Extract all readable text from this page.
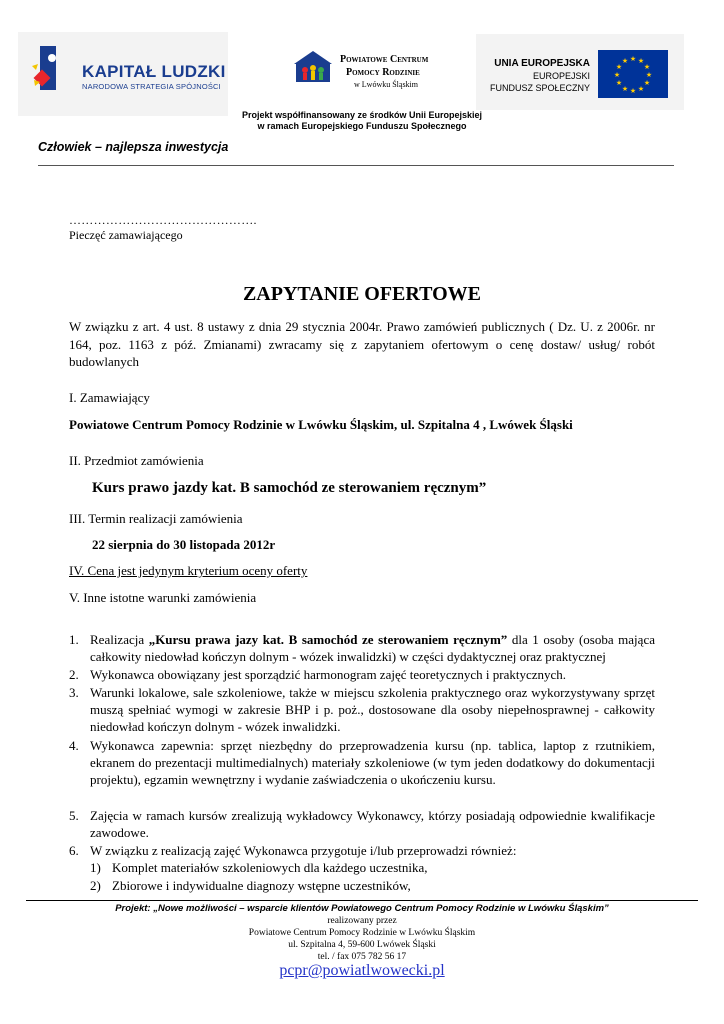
KAPITAŁ LUDZKI
NARODOWA STRATEGIA SPÓJNOŚCI
Powiatowe Centrum
Pomocy Rodzinie
w Lwówku Śląskim
UNIA EUROPEJSKA
EUROPEJSKI
FUNDUSZ SPOŁECZNY
★ ★
★
★
★
★
★
★
★
★
★
★
Projekt współfinansowany ze środków Unii Europejskiej
w ramach Europejskiego Funduszu Społecznego
Człowiek – najlepsza inwestycja
……………………………………….
Pieczęć zamawiającego
ZAPYTANIE OFERTOWE
W związku z art. 4 ust. 8 ustawy z dnia 29 stycznia 2004r. Prawo zamówień publicznych ( Dz. U. z 2006r. nr 164, poz. 1163 z póź. Zmianami) zwracamy się z zapytaniem ofertowym o cenę dostaw/ usług/ robót budowlanych
I. Zamawiający
Powiatowe Centrum Pomocy Rodzinie w Lwówku Śląskim, ul. Szpitalna 4 , Lwówek Śląski
II. Przedmiot zamówienia
Kurs prawo jazdy kat. B samochód ze sterowaniem ręcznym”
III. Termin realizacji zamówienia
22 sierpnia do 30 listopada 2012r
IV. Cena jest jedynym kryterium oceny oferty
V. Inne istotne warunki zamówienia
1. Realizacja „Kursu prawa jazy kat. B samochód ze sterowaniem ręcznym” dla 1 osoby (osoba mająca całkowity niedowład kończyn dolnym - wózek inwalidzki) w części dydaktycznej oraz praktycznej
2. Wykonawca obowiązany jest sporządzić harmonogram zajęć teoretycznych i praktycznych.
3. Warunki lokalowe, sale szkoleniowe, także w miejscu szkolenia praktycznego oraz wykorzystywany sprzęt muszą spełniać wymogi w zakresie BHP i p. poż., dostosowane dla osoby niepełnosprawnej - całkowity niedowład kończyn dolnym - wózek inwalidzki.
4. Wykonawca zapewnia: sprzęt niezbędny do przeprowadzenia kursu (np. tablica, laptop z rzutnikiem, ekranem do prezentacji multimedialnych) materiały szkoleniowe (w tym jeden dodatkowy do dokumentacji projektu), egzamin wewnętrzny i wydanie zaświadczenia o ukończeniu kursu.
5. Zajęcia w ramach kursów zrealizują wykładowcy Wykonawcy, którzy posiadają odpowiednie kwalifikacje zawodowe.
6. W związku z realizacją zajęć Wykonawca przygotuje i/lub przeprowadzi również:
1) Komplet materiałów szkoleniowych dla każdego uczestnika,
2) Zbiorowe i indywidualne diagnozy wstępne uczestników,
Projekt: „Nowe możliwości – wsparcie klientów Powiatowego Centrum Pomocy Rodzinie w Lwówku Śląskim”
realizowany przez
Powiatowe Centrum Pomocy Rodzinie w Lwówku Śląskim
ul. Szpitalna 4, 59-600 Lwówek Śląski
tel. / fax 075 782 56 17
pcpr@powiatlwowecki.pl
